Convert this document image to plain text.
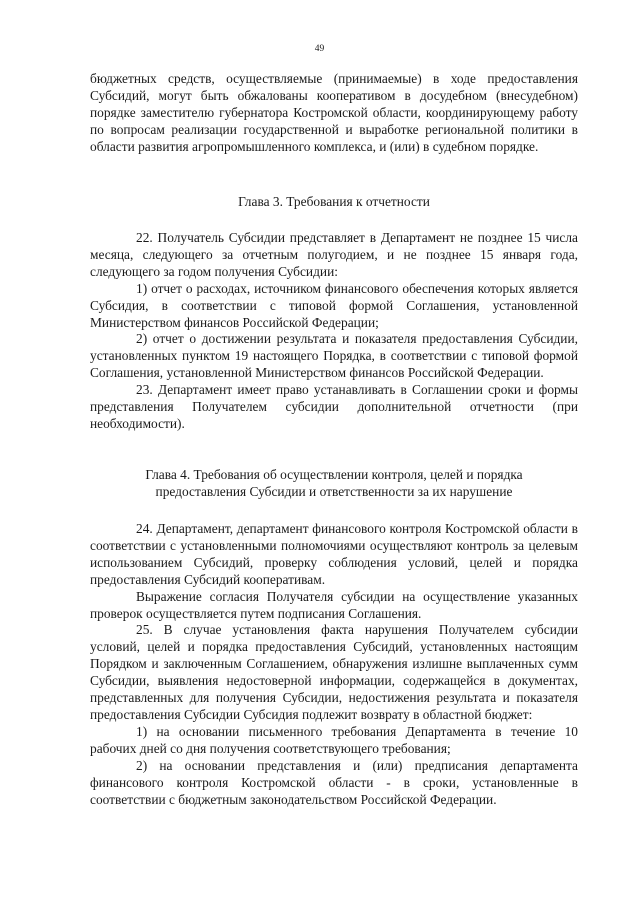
49

бюджетных средств, осуществляемые (принимаемые) в ходе предоставления Субсидий, могут быть обжалованы кооперативом в досудебном (внесудебном) порядке заместителю губернатора Костромской области, координирующему работу по вопросам реализации государственной и выработке региональной политики в области развития агропромышленного комплекса, и (или) в судебном порядке.

Глава 3. Требования к отчетности

22. Получатель Субсидии представляет в Департамент не позднее 15 числа месяца, следующего за отчетным полугодием, и не позднее 15 января года, следующего за годом получения Субсидии:

1) отчет о расходах, источником финансового обеспечения которых является Субсидия, в соответствии с типовой формой Соглашения, установленной Министерством финансов Российской Федерации;

2) отчет о достижении результата и показателя предоставления Субсидии, установленных пунктом 19 настоящего Порядка, в соответствии с типовой формой Соглашения, установленной Министерством финансов Российской Федерации.

23. Департамент имеет право устанавливать в Соглашении сроки и формы представления Получателем субсидии дополнительной отчетности (при необходимости).

Глава 4. Требования об осуществлении контроля, целей и порядка
предоставления Субсидии и ответственности за их нарушение

24. Департамент, департамент финансового контроля Костромской области в соответствии с установленными полномочиями осуществляют контроль за целевым использованием Субсидий, проверку соблюдения условий, целей и порядка предоставления Субсидий кооперативам.

Выражение согласия Получателя субсидии на осуществление указанных проверок осуществляется путем подписания Соглашения.

25. В случае установления факта нарушения Получателем субсидии условий, целей и порядка предоставления Субсидий, установленных настоящим Порядком и заключенным Соглашением, обнаружения излишне выплаченных сумм Субсидии, выявления недостоверной информации, содержащейся в документах, представленных для получения Субсидии, недостижения результата и показателя предоставления Субсидии Субсидия подлежит возврату в областной бюджет:

1) на основании письменного требования Департамента в течение 10 рабочих дней со дня получения соответствующего требования;

2) на основании представления и (или) предписания департамента финансового контроля Костромской области - в сроки, установленные в соответствии с бюджетным законодательством Российской Федерации.
